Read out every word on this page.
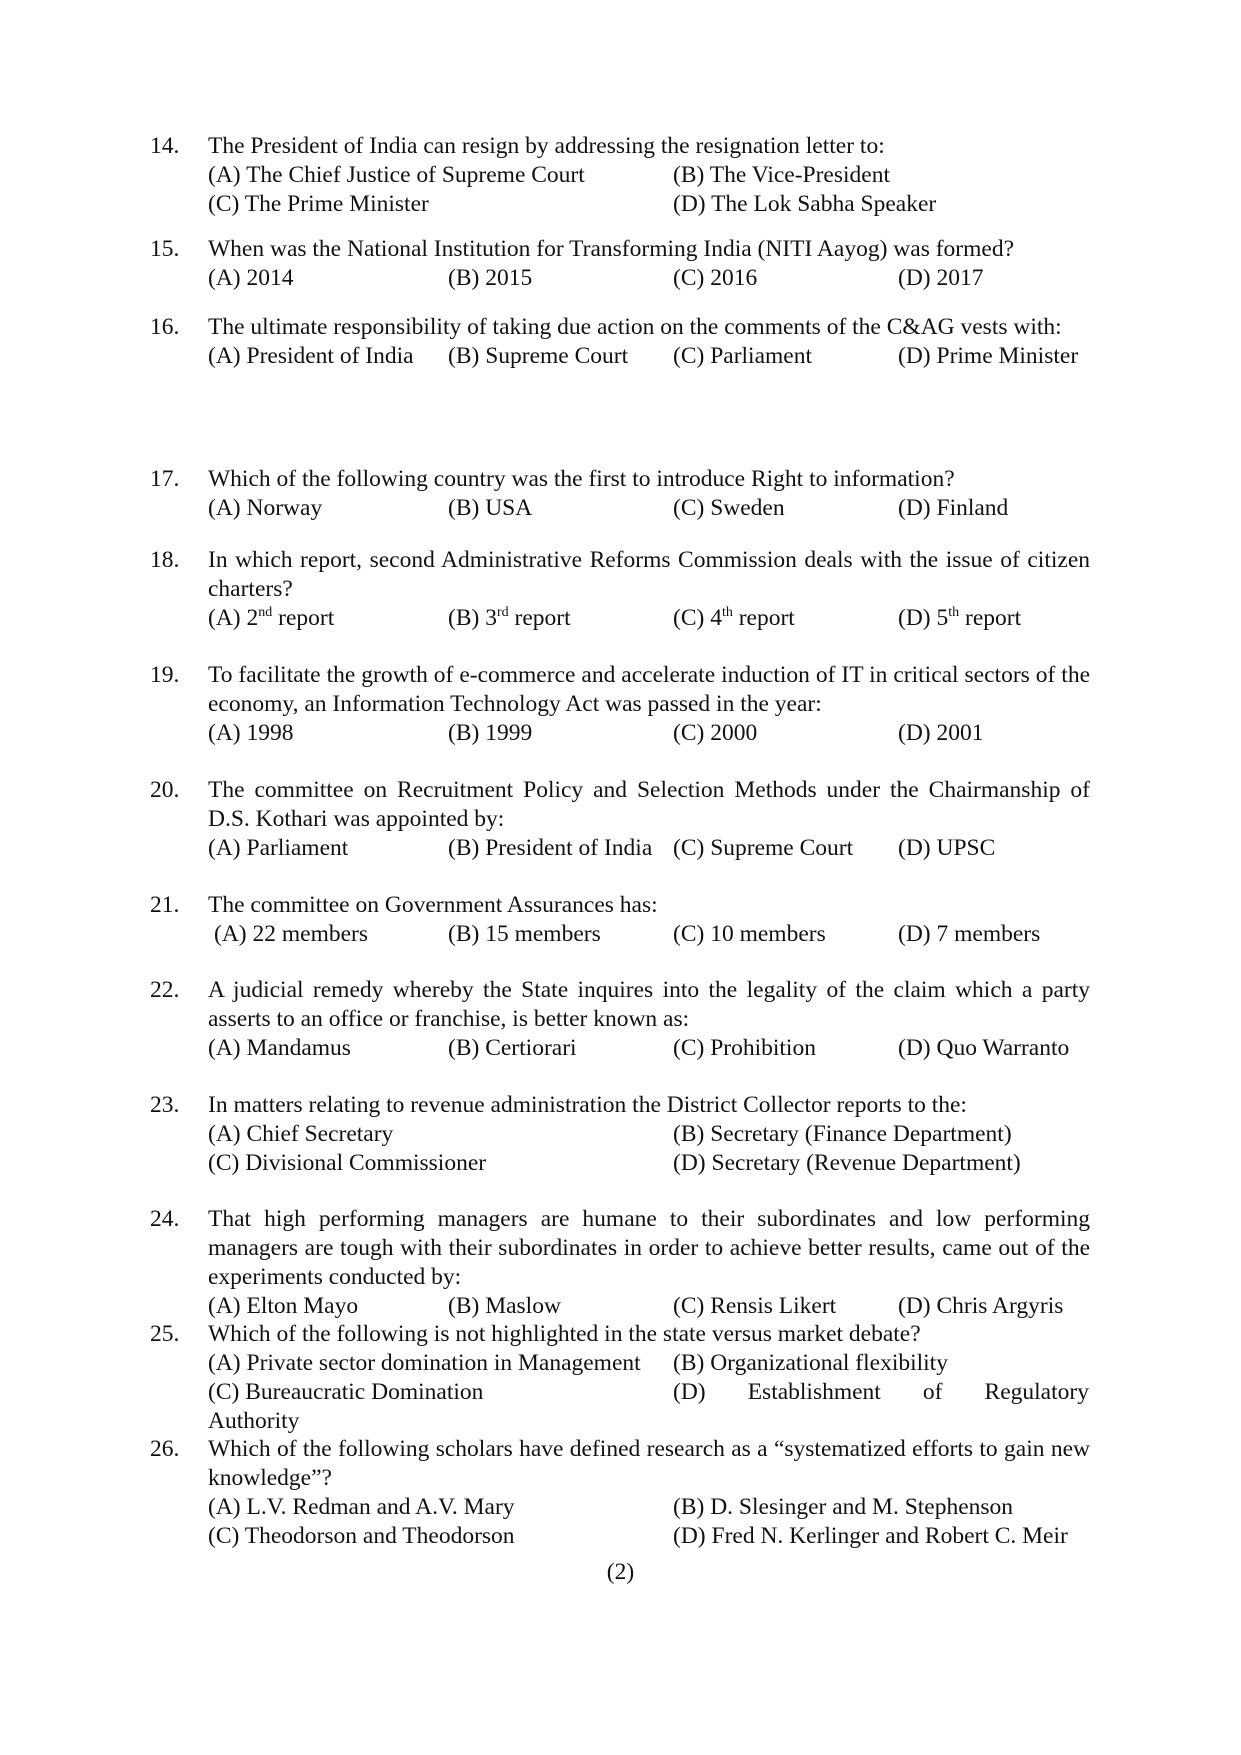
14.	The President of India can resign by addressing the resignation letter to:
(A) The Chief Justice of Supreme Court	(B) The Vice-President
(C) The Prime Minister	(D) The Lok Sabha Speaker
15.	When was the National Institution for Transforming India (NITI Aayog) was formed?
(A) 2014	(B) 2015	(C) 2016	(D) 2017
16.	The ultimate responsibility of taking due action on the comments of the C&AG vests with:
(A) President of India (B) Supreme Court (C) Parliament	(D) Prime Minister
17.	Which of the following country was the first to introduce Right to information?
(A) Norway	(B) USA	(C) Sweden	(D) Finland
18.	In which report, second Administrative Reforms Commission deals with the issue of citizen charters?
(A) 2nd report	(B) 3rd report	(C) 4th report	(D) 5th report
19.	To facilitate the growth of e-commerce and accelerate induction of IT in critical sectors of the economy, an Information Technology Act was passed in the year:
(A) 1998	(B) 1999	(C) 2000	(D) 2001
20.	The committee on Recruitment Policy and Selection Methods under the Chairmanship of D.S. Kothari was appointed by:
(A) Parliament	(B) President of India (C) Supreme Court (D) UPSC
21.	The committee on Government Assurances has:
(A) 22 members	(B) 15 members	(C) 10 members	(D) 7 members
22.	A judicial remedy whereby the State inquires into the legality of the claim which a party asserts to an office or franchise, is better known as:
(A) Mandamus	(B) Certiorari	(C) Prohibition	(D) Quo Warranto
23.	In matters relating to revenue administration the District Collector reports to the:
(A) Chief Secretary	(B) Secretary (Finance Department)
(C) Divisional Commissioner	(D) Secretary (Revenue Department)
24.	That high performing managers are humane to their subordinates and low performing managers are tough with their subordinates in order to achieve better results, came out of the experiments conducted by:
(A) Elton Mayo	(B) Maslow	(C) Rensis Likert	(D) Chris Argyris
25.	Which of the following is not highlighted in the state versus market debate?
(A) Private sector domination in Management (B) Organizational flexibility
(C) Bureaucratic Domination	(D) Establishment of Regulatory
Authority
26.	Which of the following scholars have defined research as a “systematized efforts to gain new knowledge”?
(A) L.V. Redman and A.V. Mary	(B) D. Slesinger and M. Stephenson
(C) Theodorson and Theodorson	(D) Fred N. Kerlinger and Robert C. Meir
(2)
